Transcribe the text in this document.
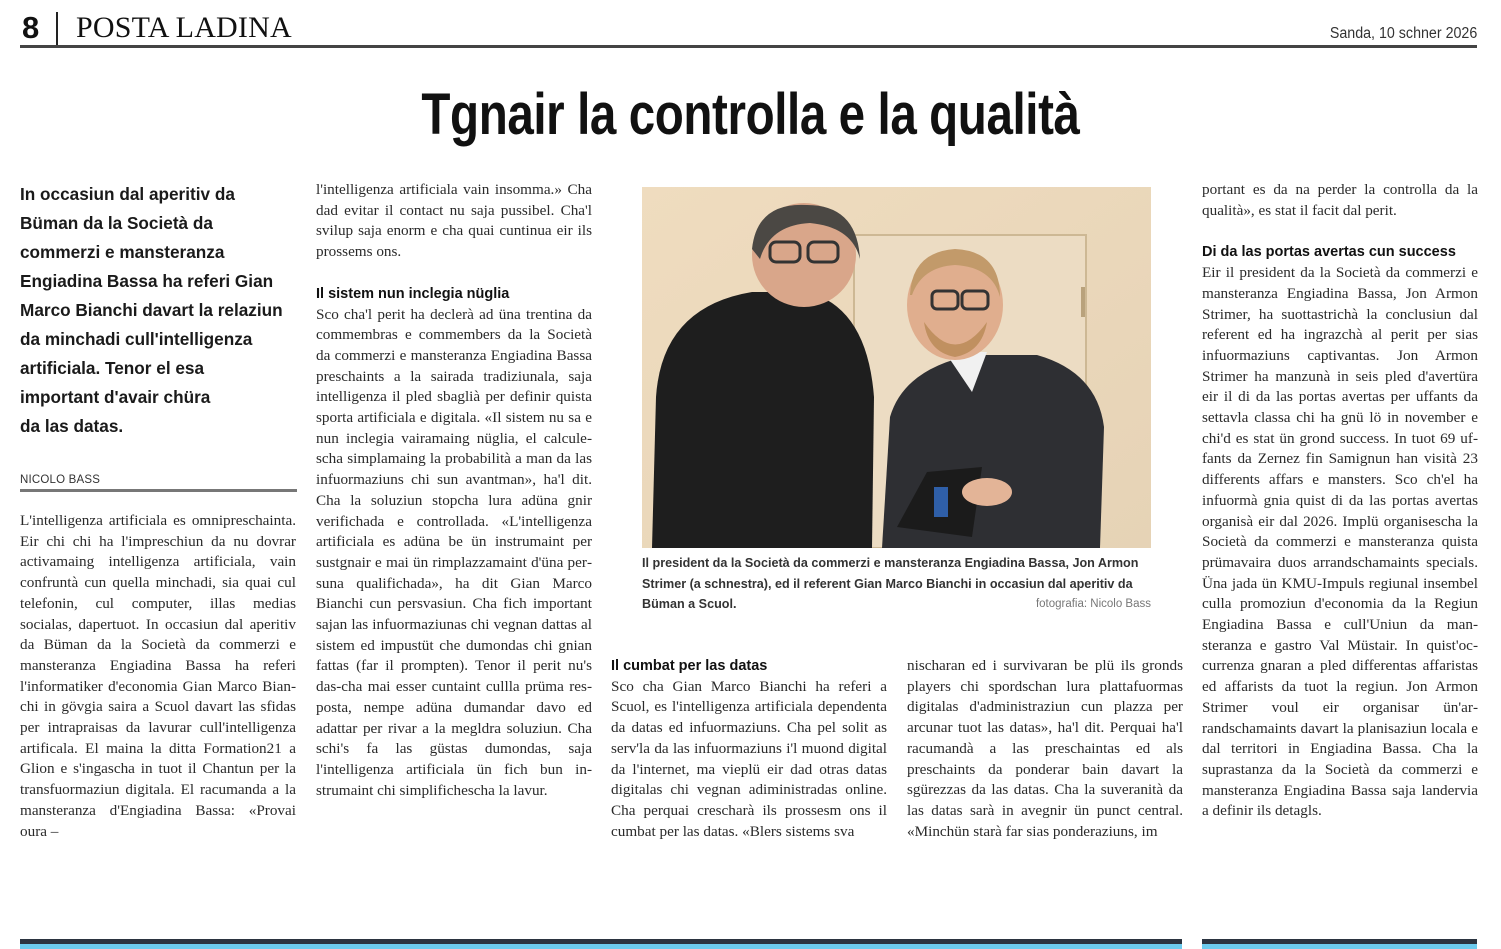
8 POSTA LADINA	Sanda, 10 schner 2026
Tgnair la controlla e la qualità
In occasiun dal aperitiv da
Büman da la Società da
commerzi e mansteranza
Engiadina Bassa ha referi Gian
Marco Bianchi davart la relaziun
da minchadi cull'intelligenza
artificiala. Tenor el esa
important d'avair chüra
da las datas.
NICOLO BASS

L'intelligenza artificiala es omnipreschainta. Eir chi chi ha l'impreschiun da nu dovrar activamaing intelligenza artificiala, vain confruntà cun quella minchadi, sia quai cul telefonin, cul computer, illas medias socialas, dapertuot. In occasiun dal aperitiv da Büman da la Società da commerzi e mansteranza Engiadina Bassa ha referi l'informatiker d'economia Gian Marco Bianchi in gövgia saira a Scuol davart las sfidas per intrapraisas da lavurar cull'intelligenza artificala. El maina la ditta Formation21 a Glion e s'ingascha in tuot il Chantun per la transfuormaziun digitala. El racumanda a la mansteranza d'Engiadina Bassa: «Provai oura –

l'intelligenza artificiala vain insomma.» Cha dad evitar il contact nu saja pussibel. Cha'l svilup saja enorm e cha quai cuntinua eir ils prossems ons.

Il sistem nun inclegia nüglia

Sco cha'l perit ha declerà ad üna trentina da commembras e commembers da la Società da commerzi e mansteranza Engiadina Bassa preschaints a la sairada tradiziunala, saja intelligenza il pled sbaglià per definir quista sporta artificiala e digitala. «Il sistem nu sa e nun inclegia vairamaing nüglia, el calculescha simplamaing la probabilità a man da las infuormaziuns chi sun avantman», ha'l dit. Cha la soluziun stopcha lura adüna gnir verifichada e controllada. «L'intelligenza artificiala es adüna be ün instrumaint per sustgnair e mai ün rimplazzamaint d'üna persuna qualifichada», ha dit Gian Marco Bianchi cun persvasiun. Cha fich important sajan las infuormaziunas chi vegnan dattas al sistem ed impustüt che dumondas chi gnian fattas (far il prompten). Tenor il perit nu's das-cha mai esser cuntaint cullla prüma resposta, nempe adüna dumandar davo ed adattar per rivar a la megldra soluziun. Cha schi's fa las güstas dumondas, saja l'intelligenza artificiala ün fich bun instrumaint chi simplifichescha la lavur.

Il president da la Società da commerzi e mansteranza Engiadina Bassa, Jon Armon Strimer (a schnestra), ed il referent Gian Marco Bianchi in occasiun dal aperitiv da Büman a Scuol.	fotografia: Nicolo Bass
Il cumbat per las datas

Sco cha Gian Marco Bianchi ha referi a Scuol, es l'intelligenza artificiala dependenta da datas ed infuormaziuns. Cha pel solit as serv'la da las infuormaziuns i'l muond digital da l'internet, ma vieplü eir dad otras datas digitalas chi vegnan adiministradas online. Cha perquai crescharà ils prossesm ons il cumbat per las datas. «Blers sistems sva

nischaran ed i survivaran be plü ils gronds players chi spordschan lura plattafuormas digitalas d'administraziun cun plazza per arcunar tuot las datas», ha'l dit. Perquai ha'l racumandà a las preschaintas ed als preschaints da ponderar bain davart la sgürezzas da las datas. Cha la suveranità da las datas sarà in avegnir ün punct central. «Minchün starà far sias ponderaziuns, im

portant es da na perder la controlla da la qualità», es stat il facit dal perit.

Di da las portas avertas cun success

Eir il president da la Società da commerzi e mansteranza Engiadina Bassa, Jon Armon Strimer, ha suottastrichà la conclusiun dal referent ed ha ingrazchà al perit per sias infuormaziuns captivantas. Jon Armon Strimer ha manzunà in seis pled d'avertüra eir il di da las portas avertas per uffants da settavla classa chi ha gnü lö in november e chi'd es stat ün grond success. In tuot 69 uffants da Zernez fin Samignun han visità 23 differents affars e mansters. Sco ch'el ha infuormà gnia quist di da las portas avertas organisà eir dal 2026. Implü organisescha la Società da commerzi e mansteranza quista prümavaira duos arrandschamaints specials. Üna jada ün KMU-Impuls regiunal insembel culla promoziun d'economia da la Regiun Engiadina Bassa e cull'Uniun da mansteranza e gastro Val Müstair. In quist'occurrenza gnaran a pled differentas affaristas ed affarists da tuot la regiun. Jon Armon Strimer voul eir organisar ün'arrandschamaints davart la planisaziun locala e dal territori in Engiadina Bassa. Cha la suprastanza da la Società da commerzi e mansteranza Engiadina Bassa saja landervia a definir ils detagls.
